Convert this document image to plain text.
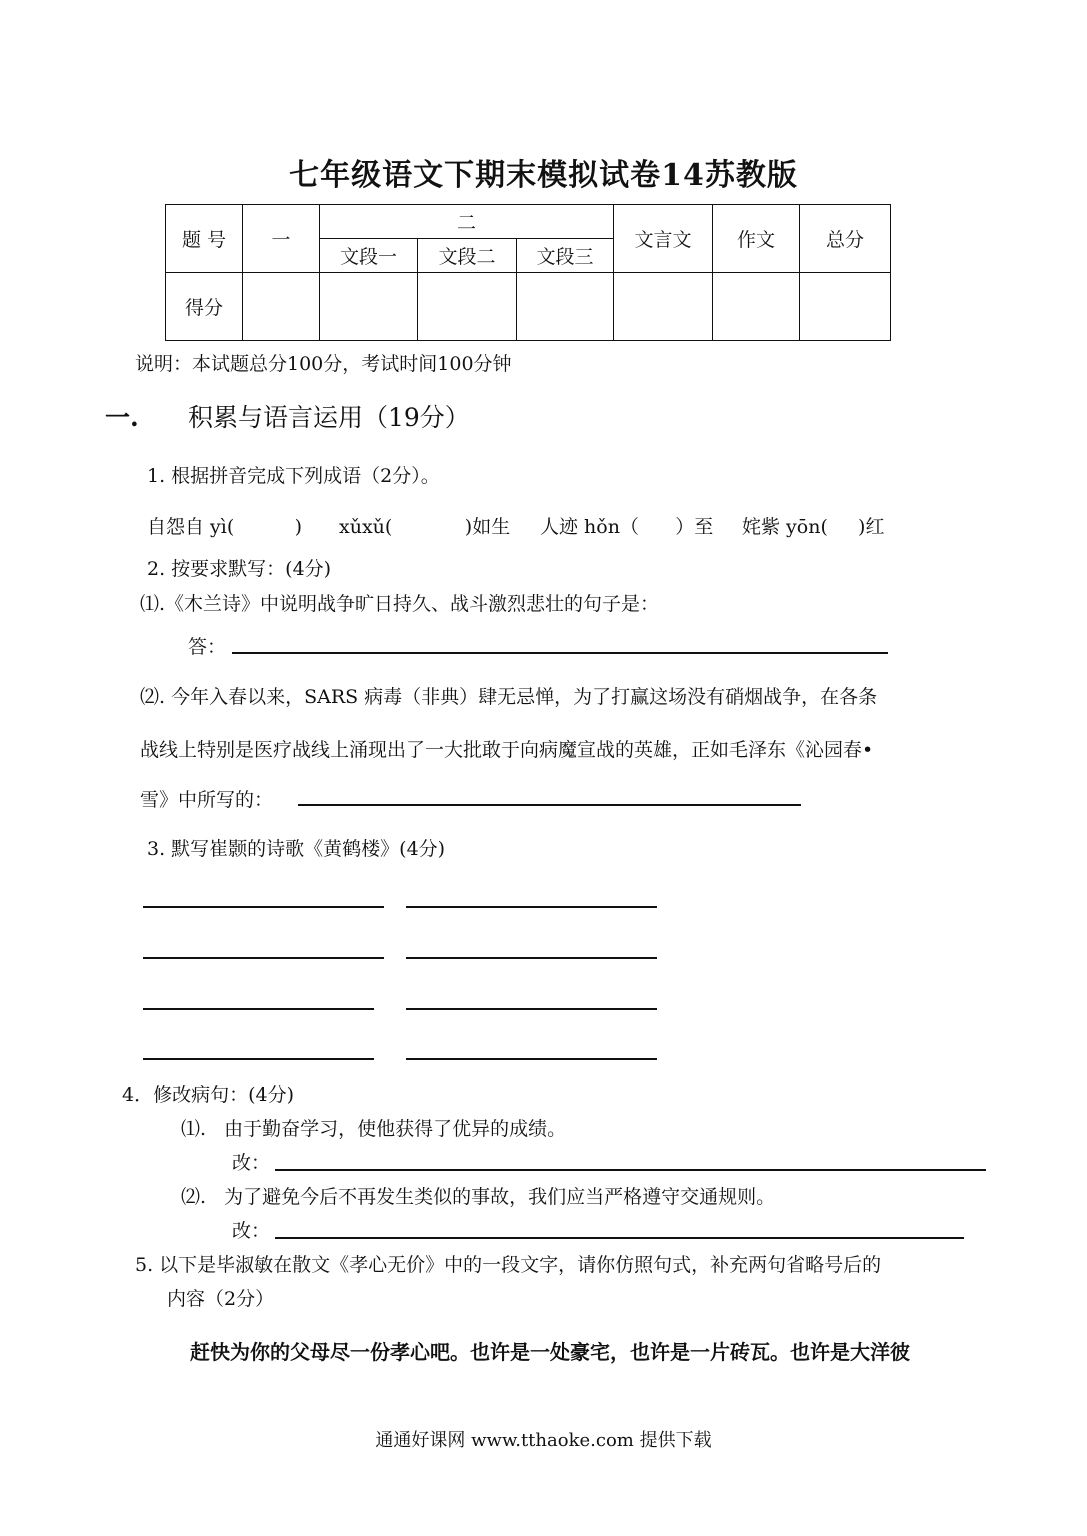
七年级语文下期末模拟试卷14苏教版
题 号	一	二			文言文	作文	总分
		文段一	文段二	文段三			
得分							
说明：本试题总分100分，考试时间100分钟
一. 积累与语言运用（19分）
1. 根据拼音完成下列成语（2分）。
自怨自 yì(          ) xǔxǔ(            )如生 人迹 hǒn（      ）至 姹紫 yōn(     )红
2. 按要求默写：(4分)
⑴.《木兰诗》中说明战争旷日持久、战斗激烈悲壮的句子是：
答：
⑵. 今年入春以来，SARS 病毒（非典）肆无忌惮，为了打赢这场没有硝烟战争，在各条
战线上特别是医疗战线上涌现出了一大批敢于向病魔宣战的英雄，正如毛泽东《沁园春•
雪》中所写的：
3. 默写崔颢的诗歌《黄鹤楼》(4分)
4．修改病句：(4分)
⑴.   由于勤奋学习，使他获得了优异的成绩。
改：
⑵.   为了避免今后不再发生类似的事故，我们应当严格遵守交通规则。
改：
5. 以下是毕淑敏在散文《孝心无价》中的一段文字，请你仿照句式，补充两句省略号后的
内容（2分）
赶快为你的父母尽一份孝心吧。也许是一处豪宅，也许是一片砖瓦。也许是大洋彼
通通好课网 www.tthaoke.com 提供下载
